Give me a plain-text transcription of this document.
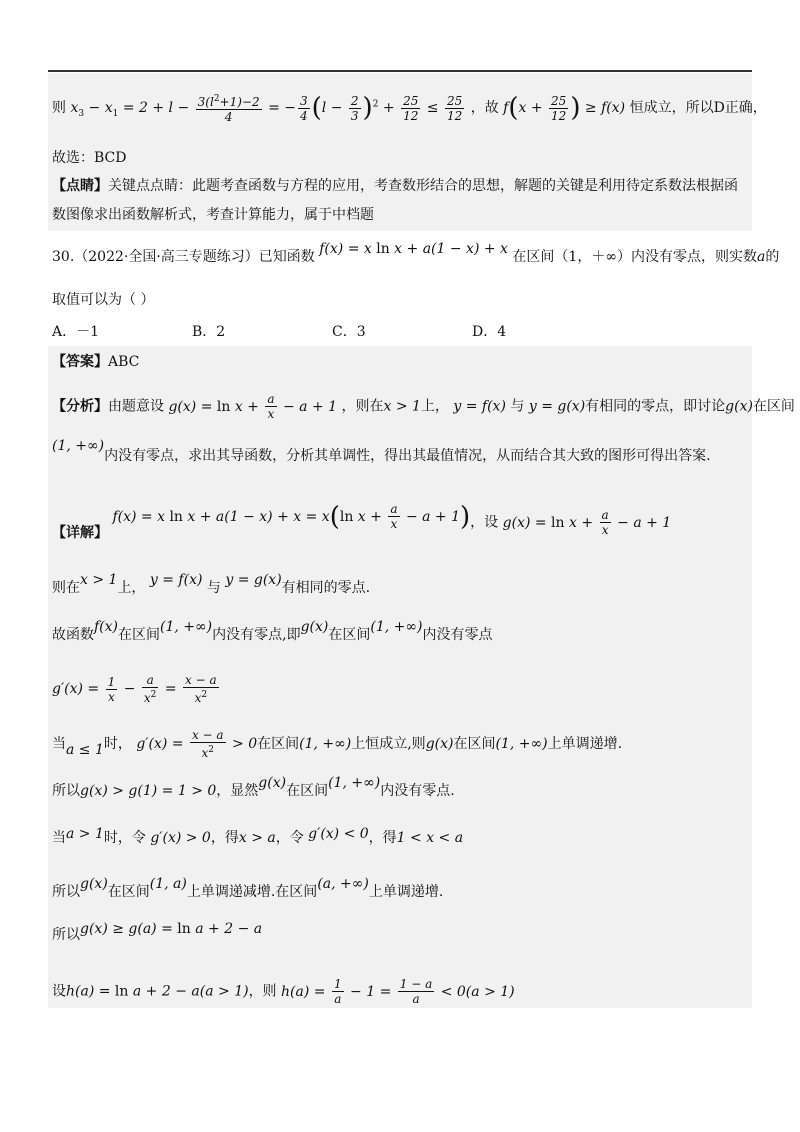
则 $x_3 - x_1 = 2 + l - \frac{3(l^2+1)-2}{4}$ = − $\frac{3}{4} (l - \frac{2}{3} )^2 + \frac{25}{12} \le \frac{25}{12}$ ，故 $f(x + \frac{25}{12}$ ) ≥ f(x) 恒成立，所以D正确，
故选：BCD
【点睛】关键点点睛：此题考查函数与方程的应用，考查数形结合的思想，解题的关键是利用待定系数法根据函
数图像求出函数解析式，考查计算能力，属于中档题
30.（2022·全国·高三专题练习）已知函数 f(x) = x ln x + a(1 − x) + x 在区间（1，＋∞）内没有零点，则实数a的
取值可以为（ ）
A．－1	B．2	C．3	D．4
【答案】ABC
【分析】由题意设 $g(x) = \ln x + \frac{a}{x} - a + 1$ ，则在x > 1上， y = f(x) 与 y = g(x)有相同的零点，即讨论g(x)在区间
(1, +∞)内没有零点，求出其导函数，分析其单调性，得出其最值情况，从而结合其大致的图形可得出答案.
【详解】 f(x) = x ln x + a(1 − x) + x = x(ln $x + \frac{a}{x} - a + 1$)，设 $g(x) = \ln x + \frac{a}{x} - a + 1$
则在x > 1上， y = f(x) 与 y = g(x)有相同的零点.
故函数f(x)在区间(1, +∞)内没有零点,即g(x)在区间(1, +∞)内没有零点
$g'(x) = \frac{1}{x} - \frac{a}{x^2} = \frac{x - a}{x^2}$
当a ≤ 1时， $g'(x) = \frac{x - a}{x^2} > 0$在区间(1, +∞)上恒成立,则g(x)在区间(1, +∞)上单调递增.
所以g(x) > g(1) = 1 > 0，显然g(x)在区间(1, +∞)内没有零点.
当a > 1时，令 g′(x) > 0，得x > a，令 g′(x) < 0，得1 < x < a
所以g(x)在区间(1, a)上单调递减增.在区间(a, +∞)上单调递增.
所以g(x) ≥ g(a) = ln a + 2 − a
设h(a) = ln a + 2 − a(a > 1)，则 $h(a) = \frac{1}{a} - 1 = \frac{1 - a}{a} < 0(a > 1)$
